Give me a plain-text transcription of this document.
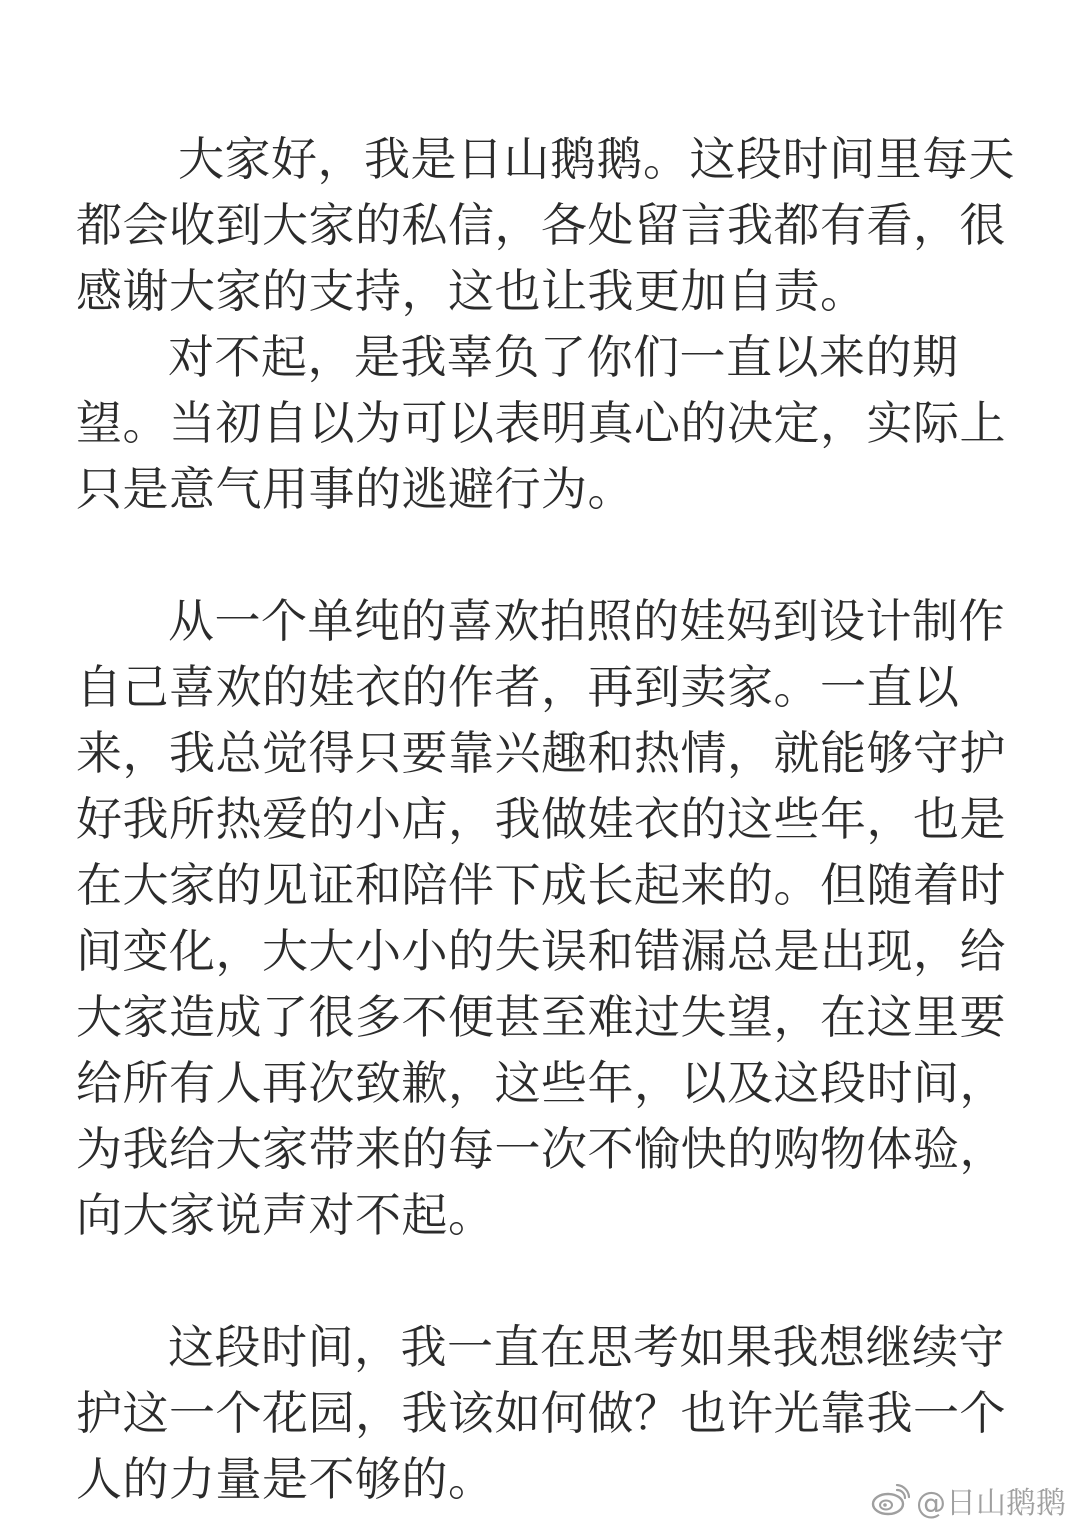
大家好，我是日山鹅鹅。这段时间里每天
都会收到大家的私信，各处留言我都有看，很
感谢大家的支持，这也让我更加自责。
对不起，是我辜负了你们一直以来的期
望。当初自以为可以表明真心的决定，实际上
只是意气用事的逃避行为。
从一个单纯的喜欢拍照的娃妈到设计制作
自己喜欢的娃衣的作者，再到卖家。一直以
来，我总觉得只要靠兴趣和热情，就能够守护
好我所热爱的小店，我做娃衣的这些年，也是
在大家的见证和陪伴下成长起来的。但随着时
间变化，大大小小的失误和错漏总是出现，给
大家造成了很多不便甚至难过失望，在这里要
给所有人再次致歉，这些年，以及这段时间，
为我给大家带来的每一次不愉快的购物体验，
向大家说声对不起。
这段时间，我一直在思考如果我想继续守
护这一个花园，我该如何做？也许光靠我一个
人的力量是不够的。	@日山鹅鹅
